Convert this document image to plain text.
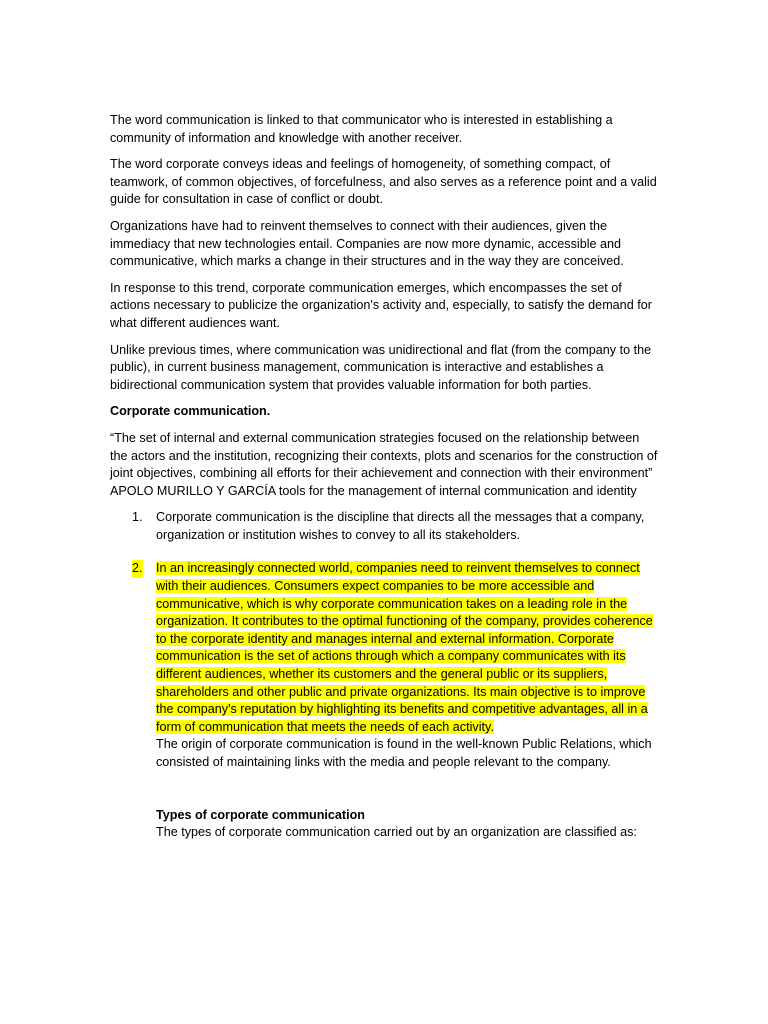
The word communication is linked to that communicator who is interested in establishing a community of information and knowledge with another receiver.

The word corporate conveys ideas and feelings of homogeneity, of something compact, of teamwork, of common objectives, of forcefulness, and also serves as a reference point and a valid guide for consultation in case of conflict or doubt.

Organizations have had to reinvent themselves to connect with their audiences, given the immediacy that new technologies entail. Companies are now more dynamic, accessible and communicative, which marks a change in their structures and in the way they are conceived.

In response to this trend, corporate communication emerges, which encompasses the set of actions necessary to publicize the organization's activity and, especially, to satisfy the demand for what different audiences want.

Unlike previous times, where communication was unidirectional and flat (from the company to the public), in current business management, communication is interactive and establishes a bidirectional communication system that provides valuable information for both parties.

Corporate communication.

“The set of internal and external communication strategies focused on the relationship between the actors and the institution, recognizing their contexts, plots and scenarios for the construction of joint objectives, combining all efforts for their achievement and connection with their environment” APOLO MURILLO Y GARCÍA tools for the management of internal communication and identity

1. Corporate communication is the discipline that directs all the messages that a company, organization or institution wishes to convey to all its stakeholders.
2. In an increasingly connected world, companies need to reinvent themselves to connect with their audiences. Consumers expect companies to be more accessible and communicative, which is why corporate communication takes on a leading role in the organization. It contributes to the optimal functioning of the company, provides coherence to the corporate identity and manages internal and external information. Corporate communication is the set of actions through which a company communicates with its different audiences, whether its customers and the general public or its suppliers, shareholders and other public and private organizations. Its main objective is to improve the company's reputation by highlighting its benefits and competitive advantages, all in a form of communication that meets the needs of each activity.

The origin of corporate communication is found in the well-known Public Relations, which consisted of maintaining links with the media and people relevant to the company.

Types of corporate communication

The types of corporate communication carried out by an organization are classified as:
